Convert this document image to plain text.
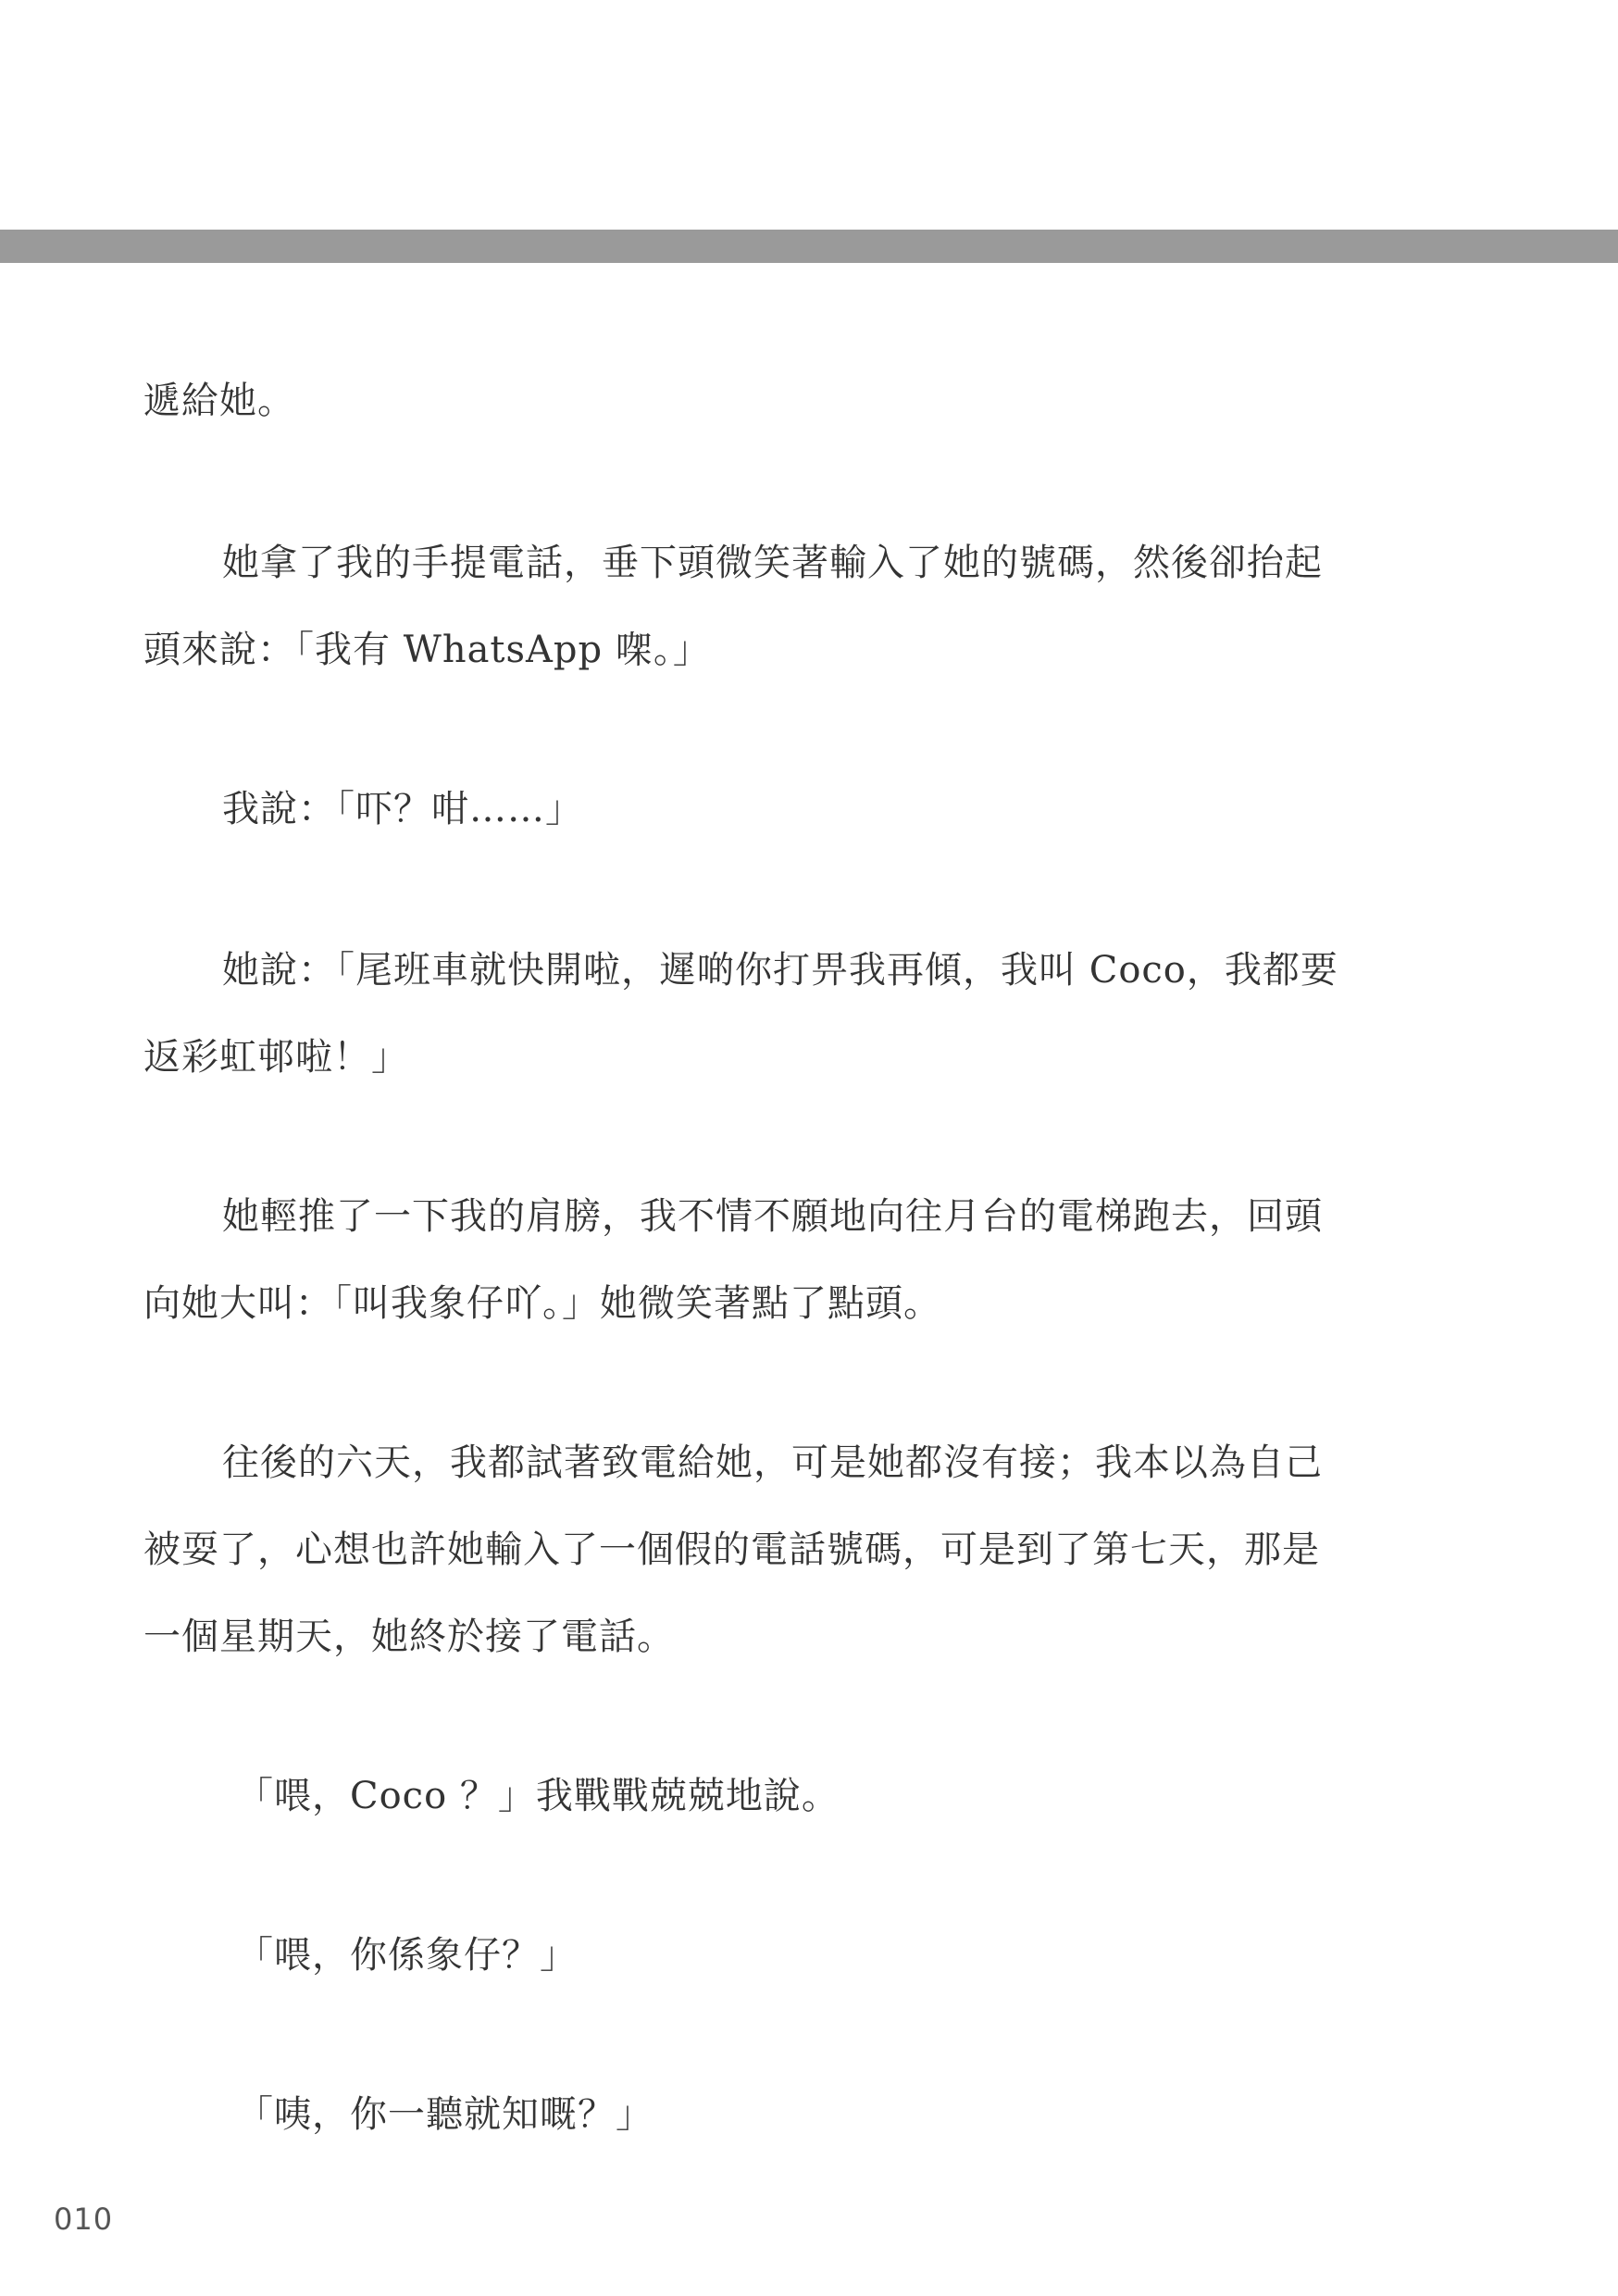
遞給她。
她拿了我的手提電話，垂下頭微笑著輸入了她的號碼，然後卻抬起
頭來說：「我有 WhatsApp 㗎。」
我說：「吓？咁……」
她說：「尾班車就快開啦，遲啲你打畀我再傾，我叫 Coco，我都要
返彩虹邨啦！」
她輕推了一下我的肩膀，我不情不願地向往月台的電梯跑去，回頭
向她大叫：「叫我象仔吖。」她微笑著點了點頭。
往後的六天，我都試著致電給她，可是她都沒有接；我本以為自己
被耍了，心想也許她輸入了一個假的電話號碼，可是到了第七天，那是
一個星期天，她終於接了電話。
「喂，Coco ？」我戰戰兢兢地說。
「喂，你係象仔？」
「咦，你一聽就知嘅？」
010
